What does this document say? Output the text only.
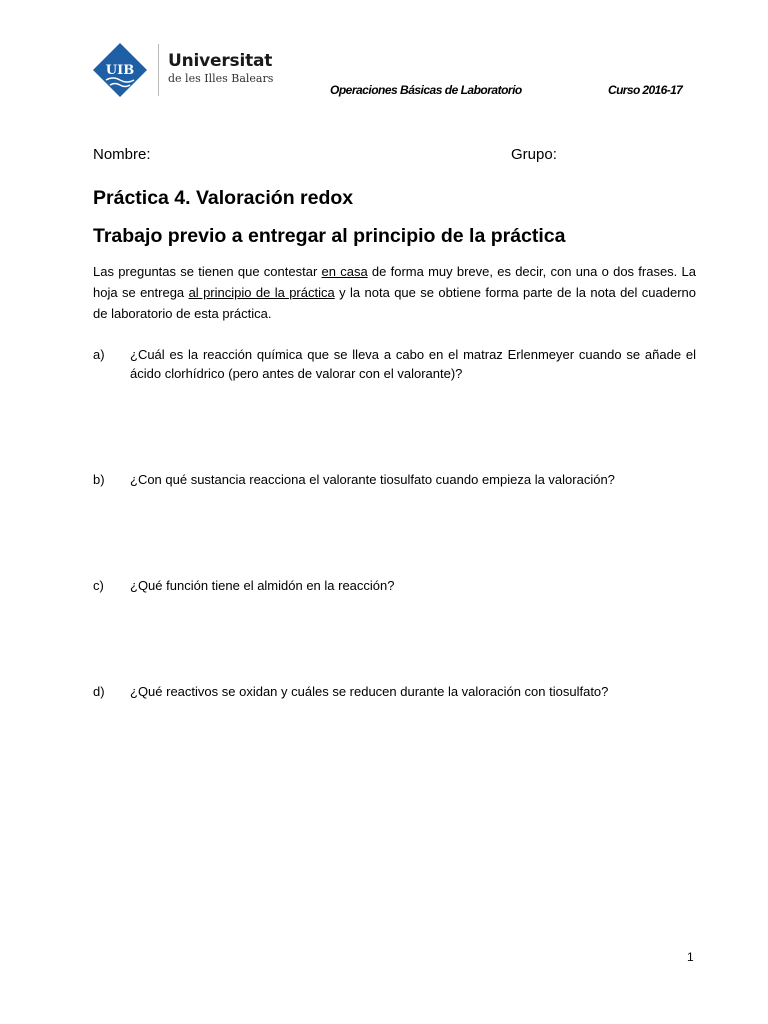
UIB Universitat
de les Illes Balears
Operaciones Básicas de Laboratorio	Curso 2016-17
Nombre:	Grupo:
Práctica 4. Valoración redox
Trabajo previo a entregar al principio de la práctica
Las preguntas se tienen que contestar en casa de forma muy breve, es decir, con una o dos frases. La hoja se entrega al principio de la práctica y la nota que se obtiene forma parte de la nota del cuaderno de laboratorio de esta práctica.
a) ¿Cuál es la reacción química que se lleva a cabo en el matraz Erlenmeyer cuando se añade el ácido clorhídrico (pero antes de valorar con el valorante)?
b) ¿Con qué sustancia reacciona el valorante tiosulfato cuando empieza la valoración?
c) ¿Qué función tiene el almidón en la reacción?
d) ¿Qué reactivos se oxidan y cuáles se reducen durante la valoración con tiosulfato?
1
